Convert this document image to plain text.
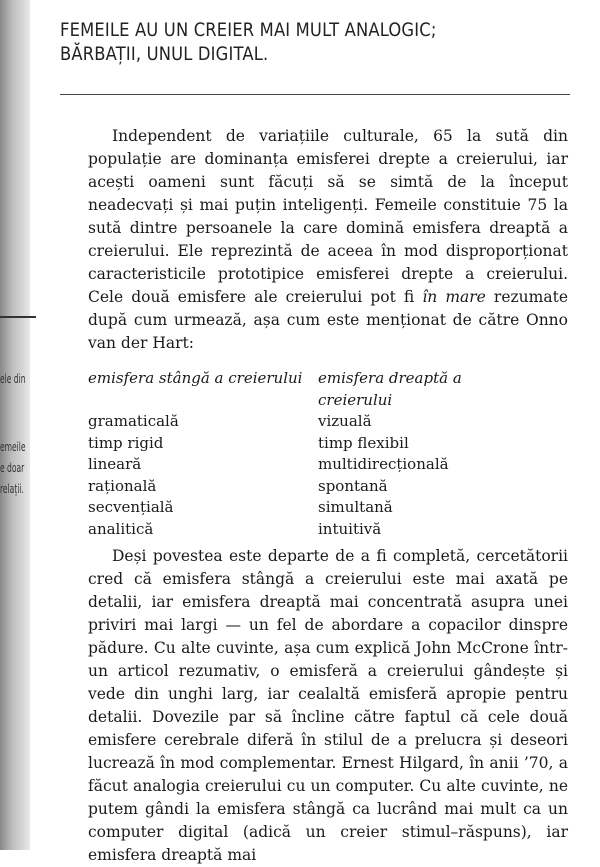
ele din
emeile
e doar
relații.
FEMEILE AU UN CREIER MAI MULT ANALOGIC;
BĂRBAȚII, UNUL DIGITAL.
Independent de variațiile culturale, 65 la sută din populație are dominanța emisferei drepte a creierului, iar acești oameni sunt făcuți să se simtă de la început neadecvați și mai puțin inteligenți. Femeile constituie 75 la sută dintre persoanele la care domină emisfera dreaptă a creierului. Ele reprezintă de aceea în mod disproporționat caracteristicile prototipice emisferei drepte a creierului. Cele două emisfere ale creierului pot fi în mare rezumate după cum urmează, așa cum este menționat de către Onno van der Hart:
emisfera stângă a creierului	emisfera dreaptă a creierului
gramaticală	vizuală
timp rigid	timp flexibil
lineară	multidirecțională
rațională	spontană
secvențială	simultană
analitică	intuitivă
Deși povestea este departe de a fi completă, cercetătorii cred că emisfera stângă a creierului este mai axată pe detalii, iar emisfera dreaptă mai concentrată asupra unei priviri mai largi — un fel de abordare a copacilor dinspre pădure. Cu alte cuvinte, așa cum explică John McCrone într-un articol rezumativ, o emisferă a creierului gândește și vede din unghi larg, iar cealaltă emisferă apropie pentru detalii. Dovezile par să încline către faptul că cele două emisfere cerebrale diferă în stilul de a prelucra și deseori lucrează în mod complementar. Ernest Hilgard, în anii ’70, a făcut analogia creierului cu un computer. Cu alte cuvinte, ne putem gândi la emisfera stângă ca lucrând mai mult ca un computer digital (adică un creier stimul–răspuns), iar emisfera dreaptă mai
